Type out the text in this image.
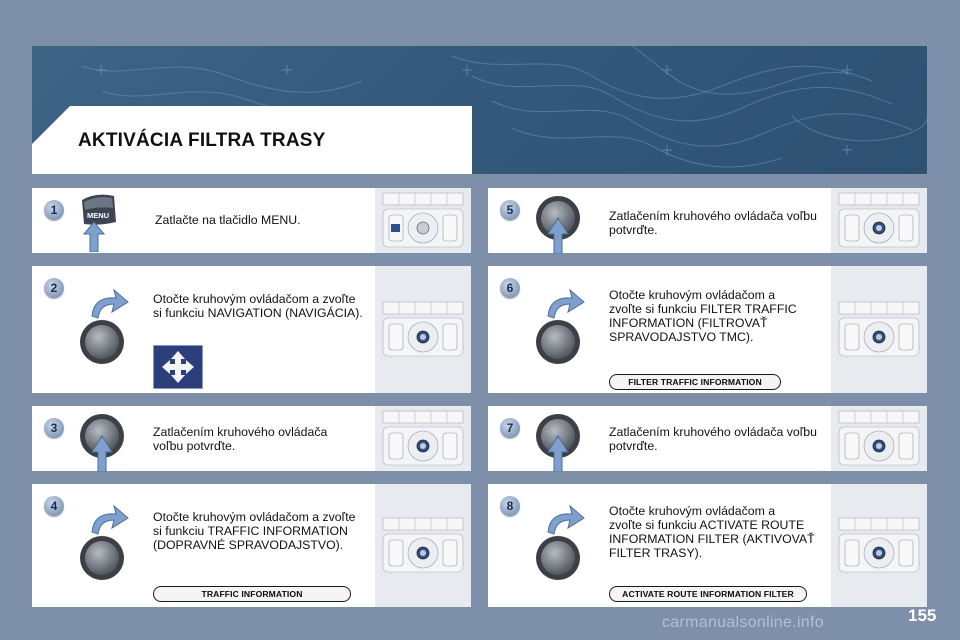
AKTIVÁCIA FILTRA TRASY
1	MENU	Zatlačte na tlačidlo MENU.

2

Otočte kruhovým ovládačom a zvoľte
si funkciu NAVIGATION (NAVIGÁCIA).

3	Zatlačením kruhového ovládača
voľbu potvrďte.

4

Otočte kruhovým ovládačom a zvoľte
si funkciu TRAFFIC INFORMATION
(DOPRAVNÉ SPRAVODAJSTVO).

TRAFFIC INFORMATION
5	Zatlačením kruhového ovládača voľbu
potvrďte.

6	Otočte kruhovým ovládačom a
zvoľte si funkciu FILTER TRAFFIC
INFORMATION (FILTROVAŤ
SPRAVODAJSTVO TMC).

FILTER TRAFFIC INFORMATION
7	Zatlačením kruhového ovládača voľbu
potvrďte.

8	Otočte kruhovým ovládačom a
zvoľte si funkciu ACTIVATE ROUTE
INFORMATION FILTER (AKTIVOVAŤ
FILTER TRASY).

ACTIVATE ROUTE INFORMATION FILTER
carmanualsonline.info	155
